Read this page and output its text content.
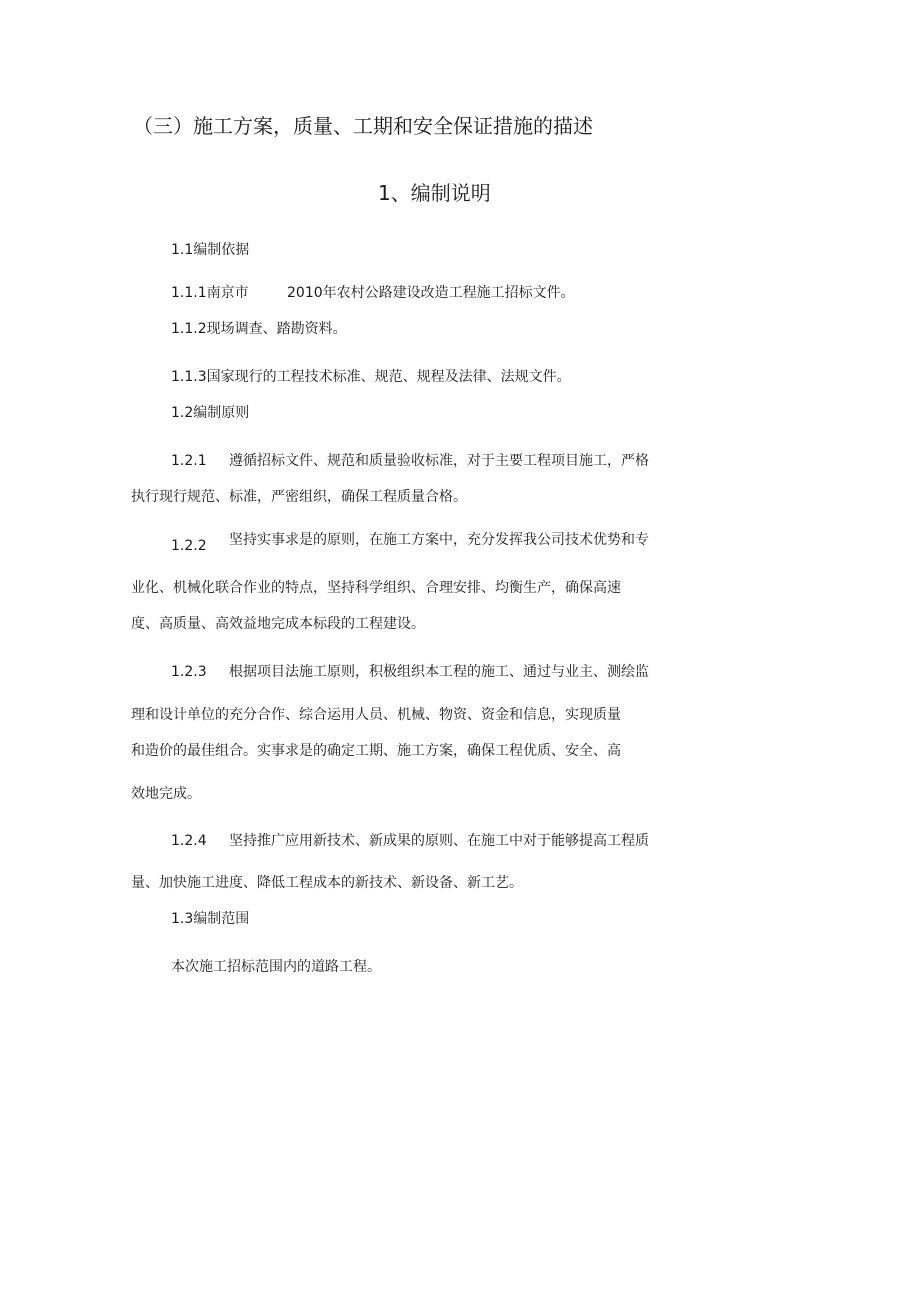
（三）施工方案，质量、工期和安全保证措施的描述
1、编制说明
1.1编制依据
1.1.1南京市	2010年农村公路建设改造工程施工招标文件。
1.1.2现场调查、踏勘资料。
1.1.3国家现行的工程技术标准、规范、规程及法律、法规文件。
1.2编制原则
1.2.1 遵循招标文件、规范和质量验收标准，对于主要工程项目施工，严格
执行现行规范、标准，严密组织，确保工程质量合格。
1.2.2 坚持实事求是的原则，在施工方案中，充分发挥我公司技术优势和专
业化、机械化联合作业的特点，坚持科学组织、合理安排、均衡生产，确保高速
度、高质量、高效益地完成本标段的工程建设。
1.2.3 根据项目法施工原则，积极组织本工程的施工、通过与业主、测绘监
理和设计单位的充分合作、综合运用人员、机械、物资、资金和信息，实现质量
和造价的最佳组合。实事求是的确定工期、施工方案，确保工程优质、安全、高
效地完成。
1.2.4 坚持推广应用新技术、新成果的原则、在施工中对于能够提高工程质
量、加快施工进度、降低工程成本的新技术、新设备、新工艺。
1.3编制范围
本次施工招标范围内的道路工程。
